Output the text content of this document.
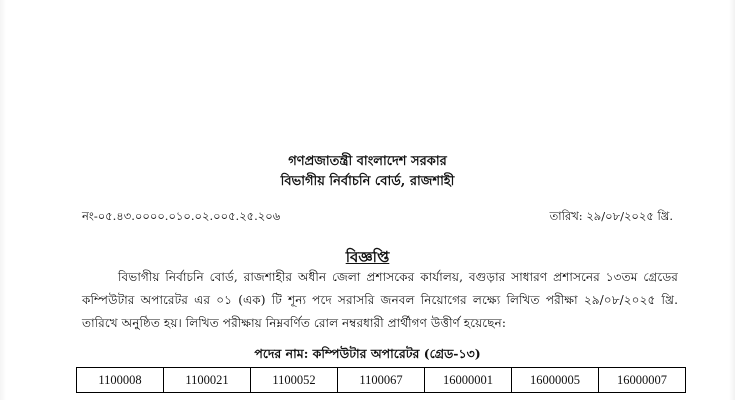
গণপ্রজাতন্ত্রী বাংলাদেশ সরকার
বিভাগীয় নির্বাচনি বোর্ড, রাজশাহী
নং-০৫.৪৩.০০০০.০১০.০২.০০৫.২৫.২০৬	তারিখ: ২৯/০৮/২০২৫ খ্রি.
বিজ্ঞপ্তি

বিভাগীয় নির্বাচনি বোর্ড, রাজশাহীর অধীন জেলা প্রশাসকের কার্যালয়, বগুড়ার সাধারণ প্রশাসনের ১৩তম গ্রেডের কম্পিউটার অপারেটর এর ০১ (এক) টি শূন্য পদে সরাসরি জনবল নিয়োগের লক্ষ্যে লিখিত পরীক্ষা ২৯/০৮/২০২৫ খ্রি. তারিখে অনুষ্ঠিত হয়। লিখিত পরীক্ষায় নিম্নবর্ণিত রোল নম্বরধারী প্রার্থীগণ উত্তীর্ণ হয়েছেন:

পদের নাম: কম্পিউটার অপারেটর (গ্রেড-১৩)
1100008	1100021	1100052	1100067	16000001	16000005	16000007
